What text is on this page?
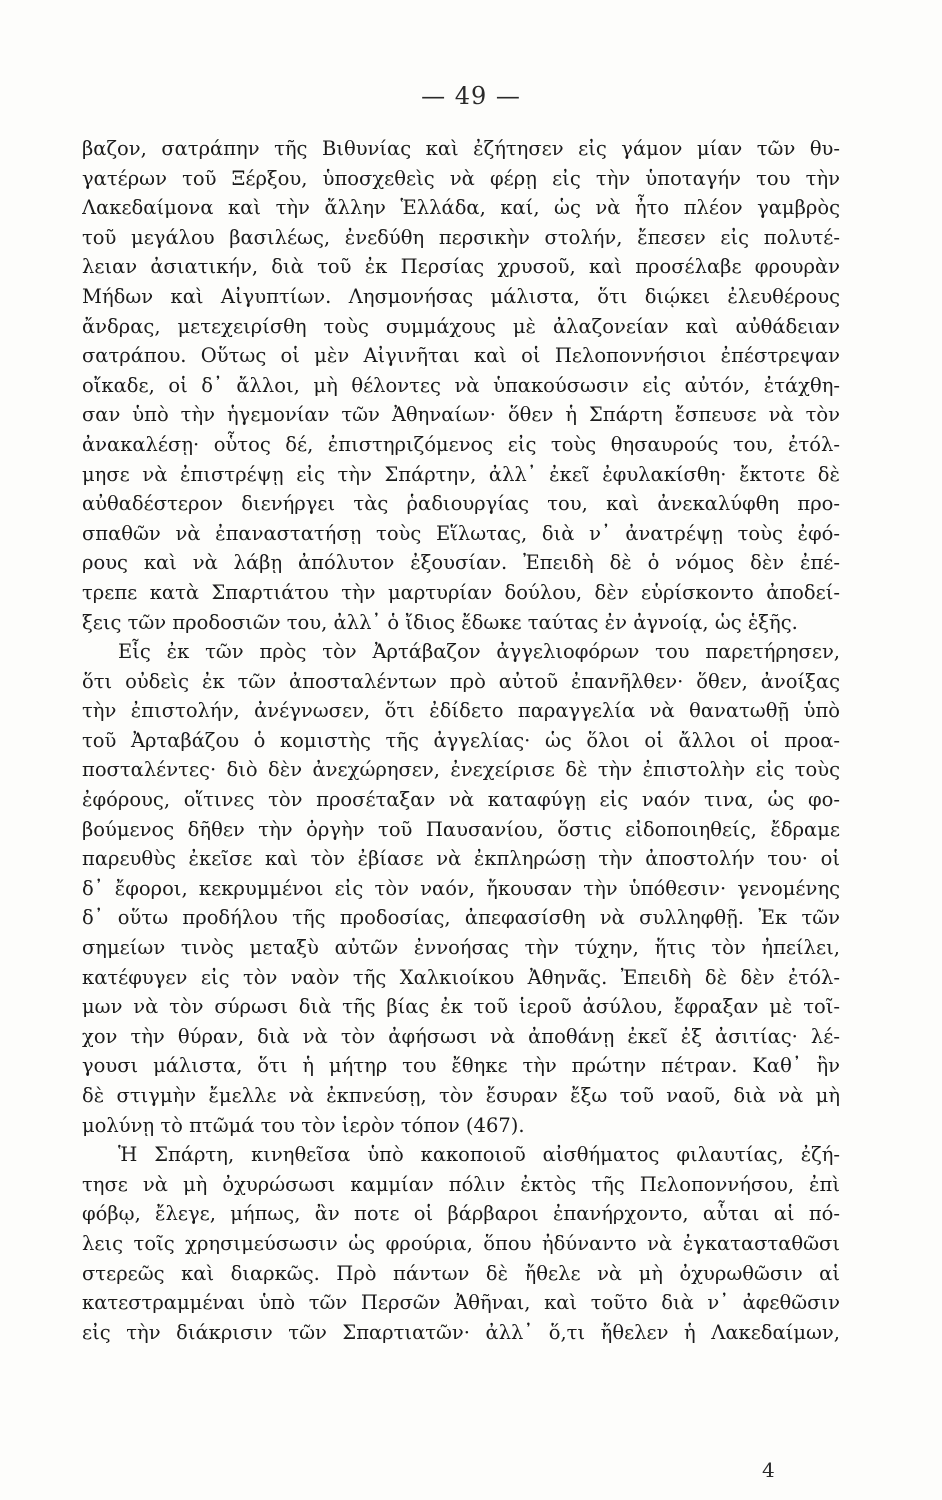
— 49 —
βαζον, σατράπην τῆς Βιθυνίας καὶ ἐζήτησεν εἰς γάμον μίαν τῶν θυ-
γατέρων τοῦ Ξέρξου, ὑποσχεθεὶς νὰ φέρῃ εἰς τὴν ὑποταγήν του τὴν
Λακεδαίμονα καὶ τὴν ἄλλην Ἑλλάδα, καί, ὡς νὰ ἦτο πλέον γαμβρὸς
τοῦ μεγάλου βασιλέως, ἐνεδύθη περσικὴν στολήν, ἔπεσεν εἰς πολυτέ-
λειαν ἀσιατικήν, διὰ τοῦ ἐκ Περσίας χρυσοῦ, καὶ προσέλαβε φρουρὰν
Μήδων καὶ Αἰγυπτίων. Λησμονήσας μάλιστα, ὅτι διῴκει ἐλευθέρους
ἄνδρας, μετεχειρίσθη τοὺς συμμάχους μὲ ἀλαζονείαν καὶ αὐθάδειαν
σατράπου. Οὕτως οἱ μὲν Αἰγινῆται καὶ οἱ Πελοποννήσιοι ἐπέστρεψαν
οἴκαδε, οἱ δ᾽ ἄλλοι, μὴ θέλοντες νὰ ὑπακούσωσιν εἰς αὐτόν, ἐτάχθη-
σαν ὑπὸ τὴν ἡγεμονίαν τῶν Ἀθηναίων· ὅθεν ἡ Σπάρτη ἔσπευσε νὰ τὸν
ἀνακαλέσῃ· οὗτος δέ, ἐπιστηριζόμενος εἰς τοὺς θησαυρούς του, ἐτόλ-
μησε νὰ ἐπιστρέψῃ εἰς τὴν Σπάρτην, ἀλλ᾽ ἐκεῖ ἐφυλακίσθη· ἔκτοτε δὲ
αὐθαδέστερον διενήργει τὰς ῥαδιουργίας του, καὶ ἀνεκαλύφθη προ-
σπαθῶν νὰ ἐπαναστατήσῃ τοὺς Εἵλωτας, διὰ ν᾽ ἀνατρέψῃ τοὺς ἐφό-
ρους καὶ νὰ λάβῃ ἀπόλυτον ἐξουσίαν. Ἐπειδὴ δὲ ὁ νόμος δὲν ἐπέ-
τρεπε κατὰ Σπαρτιάτου τὴν μαρτυρίαν δούλου, δὲν εὑρίσκοντο ἀποδεί-
ξεις τῶν προδοσιῶν του, ἀλλ᾽ ὁ ἴδιος ἔδωκε ταύτας ἐν ἀγνοίᾳ, ὡς ἑξῆς.
Εἷς ἐκ τῶν πρὸς τὸν Ἀρτάβαζον ἀγγελιοφόρων του παρετήρησεν,
ὅτι οὐδεὶς ἐκ τῶν ἀποσταλέντων πρὸ αὐτοῦ ἐπανῆλθεν· ὅθεν, ἀνοίξας
τὴν ἐπιστολήν, ἀνέγνωσεν, ὅτι ἐδίδετο παραγγελία νὰ θανατωθῇ ὑπὸ
τοῦ Ἀρταβάζου ὁ κομιστὴς τῆς ἀγγελίας· ὡς ὅλοι οἱ ἄλλοι οἱ προα-
ποσταλέντες· διὸ δὲν ἀνεχώρησεν, ἐνεχείρισε δὲ τὴν ἐπιστολὴν εἰς τοὺς
ἐφόρους, οἵτινες τὸν προσέταξαν νὰ καταφύγῃ εἰς ναόν τινα, ὡς φο-
βούμενος δῆθεν τὴν ὀργὴν τοῦ Παυσανίου, ὅστις εἰδοποιηθείς, ἔδραμε
παρευθὺς ἐκεῖσε καὶ τὸν ἐβίασε νὰ ἐκπληρώσῃ τὴν ἀποστολήν του· οἱ
δ᾽ ἔφοροι, κεκρυμμένοι εἰς τὸν ναόν, ἤκουσαν τὴν ὑπόθεσιν· γενομένης
δ᾽ οὕτω προδήλου τῆς προδοσίας, ἀπεφασίσθη νὰ συλληφθῇ. Ἐκ τῶν
σημείων τινὸς μεταξὺ αὐτῶν ἐννοήσας τὴν τύχην, ἥτις τὸν ἠπείλει,
κατέφυγεν εἰς τὸν ναὸν τῆς Χαλκιοίκου Ἀθηνᾶς. Ἐπειδὴ δὲ δὲν ἐτόλ-
μων νὰ τὸν σύρωσι διὰ τῆς βίας ἐκ τοῦ ἱεροῦ ἀσύλου, ἔφραξαν μὲ τοῖ-
χον τὴν θύραν, διὰ νὰ τὸν ἀφήσωσι νὰ ἀποθάνῃ ἐκεῖ ἐξ ἀσιτίας· λέ-
γουσι μάλιστα, ὅτι ἡ μήτηρ του ἔθηκε τὴν πρώτην πέτραν. Καθ᾽ ἣν
δὲ στιγμὴν ἔμελλε νὰ ἐκπνεύσῃ, τὸν ἔσυραν ἔξω τοῦ ναοῦ, διὰ νὰ μὴ
μολύνῃ τὸ πτῶμά του τὸν ἱερὸν τόπον (467).
Ἡ Σπάρτη, κινηθεῖσα ὑπὸ κακοποιοῦ αἰσθήματος φιλαυτίας, ἐζή-
τησε νὰ μὴ ὀχυρώσωσι καμμίαν πόλιν ἐκτὸς τῆς Πελοποννήσου, ἐπὶ
φόβῳ, ἔλεγε, μήπως, ἂν ποτε οἱ βάρβαροι ἐπανήρχοντο, αὗται αἱ πό-
λεις τοῖς χρησιμεύσωσιν ὡς φρούρια, ὅπου ἠδύναντο νὰ ἐγκατασταθῶσι
στερεῶς καὶ διαρκῶς. Πρὸ πάντων δὲ ἤθελε νὰ μὴ ὀχυρωθῶσιν αἱ
κατεστραμμέναι ὑπὸ τῶν Περσῶν Ἀθῆναι, καὶ τοῦτο διὰ ν᾽ ἀφεθῶσιν
εἰς τὴν διάκρισιν τῶν Σπαρτιατῶν· ἀλλ᾽ ὅ,τι ἤθελεν ἡ Λακεδαίμων,
4
